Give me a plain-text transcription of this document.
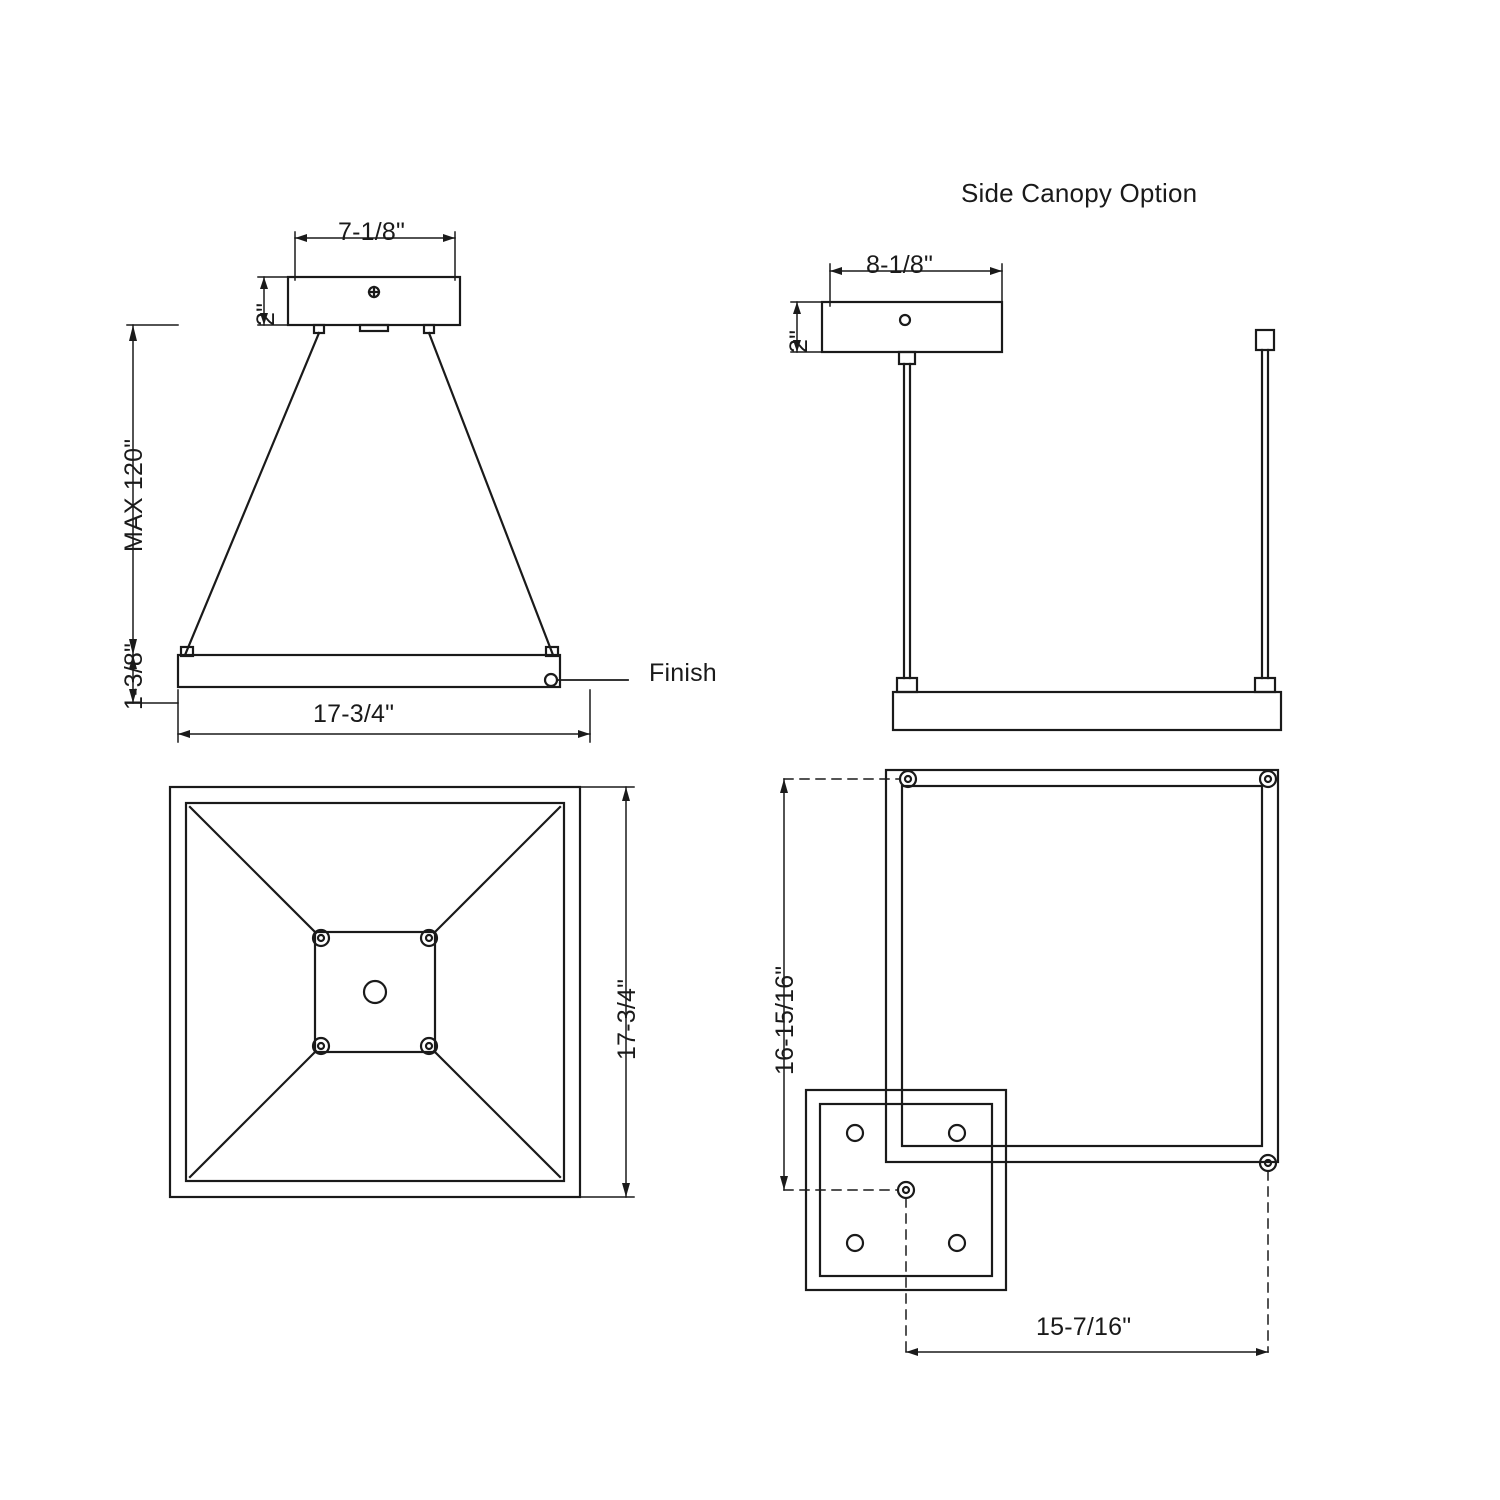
Side Canopy Option
7-1/8"
2"
MAX 120"
1-3/8"
17-3/4"
17-3/4"
Finish
8-1/8"
2"
16-15/16"
15-7/16"
